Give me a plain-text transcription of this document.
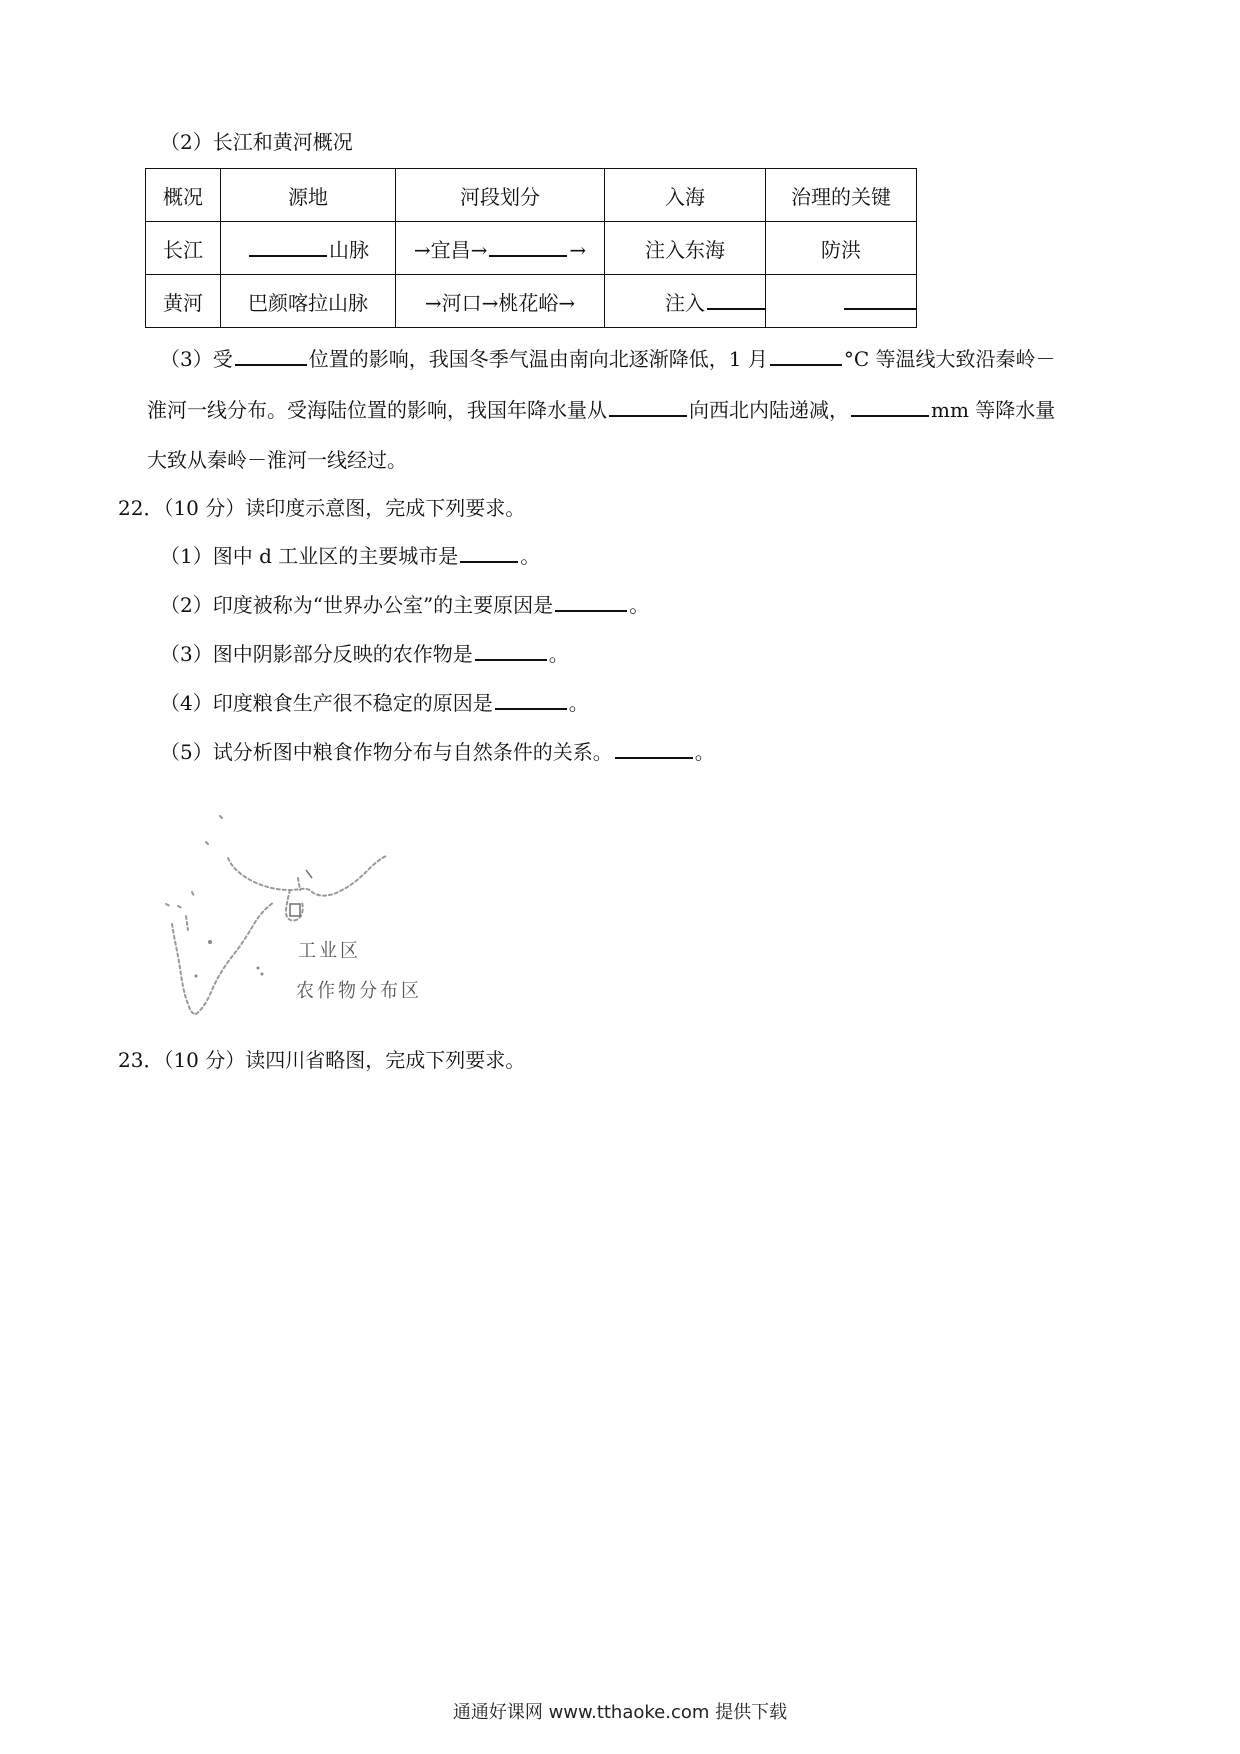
（2）长江和黄河概况
概况	源地	河段划分	入海	治理的关键
长江	山脉	→宜昌→ →	注入东海	防洪
黄河	巴颜喀拉山脉	→河口→桃花峪→	注入	
（3）受	位置的影响，我国冬季气温由南向北逐渐降低，1 月	°C 等温线大致沿秦岭－
淮河一线分布。受海陆位置的影响，我国年降水量从	向西北内陆递减，	mm 等降水量
大致从秦岭－淮河一线经过。
22．（10 分）读印度示意图，完成下列要求。
（1）图中 d 工业区的主要城市是	。
（2）印度被称为“世界办公室”的主要原因是	。
（3）图中阴影部分反映的农作物是	。
（4）印度粮食生产很不稳定的原因是	。
（5）试分析图中粮食作物分布与自然条件的关系。	。
工业区
农作物分布区
23．（10 分）读四川省略图，完成下列要求。
通通好课网 www.tthaoke.com 提供下载
